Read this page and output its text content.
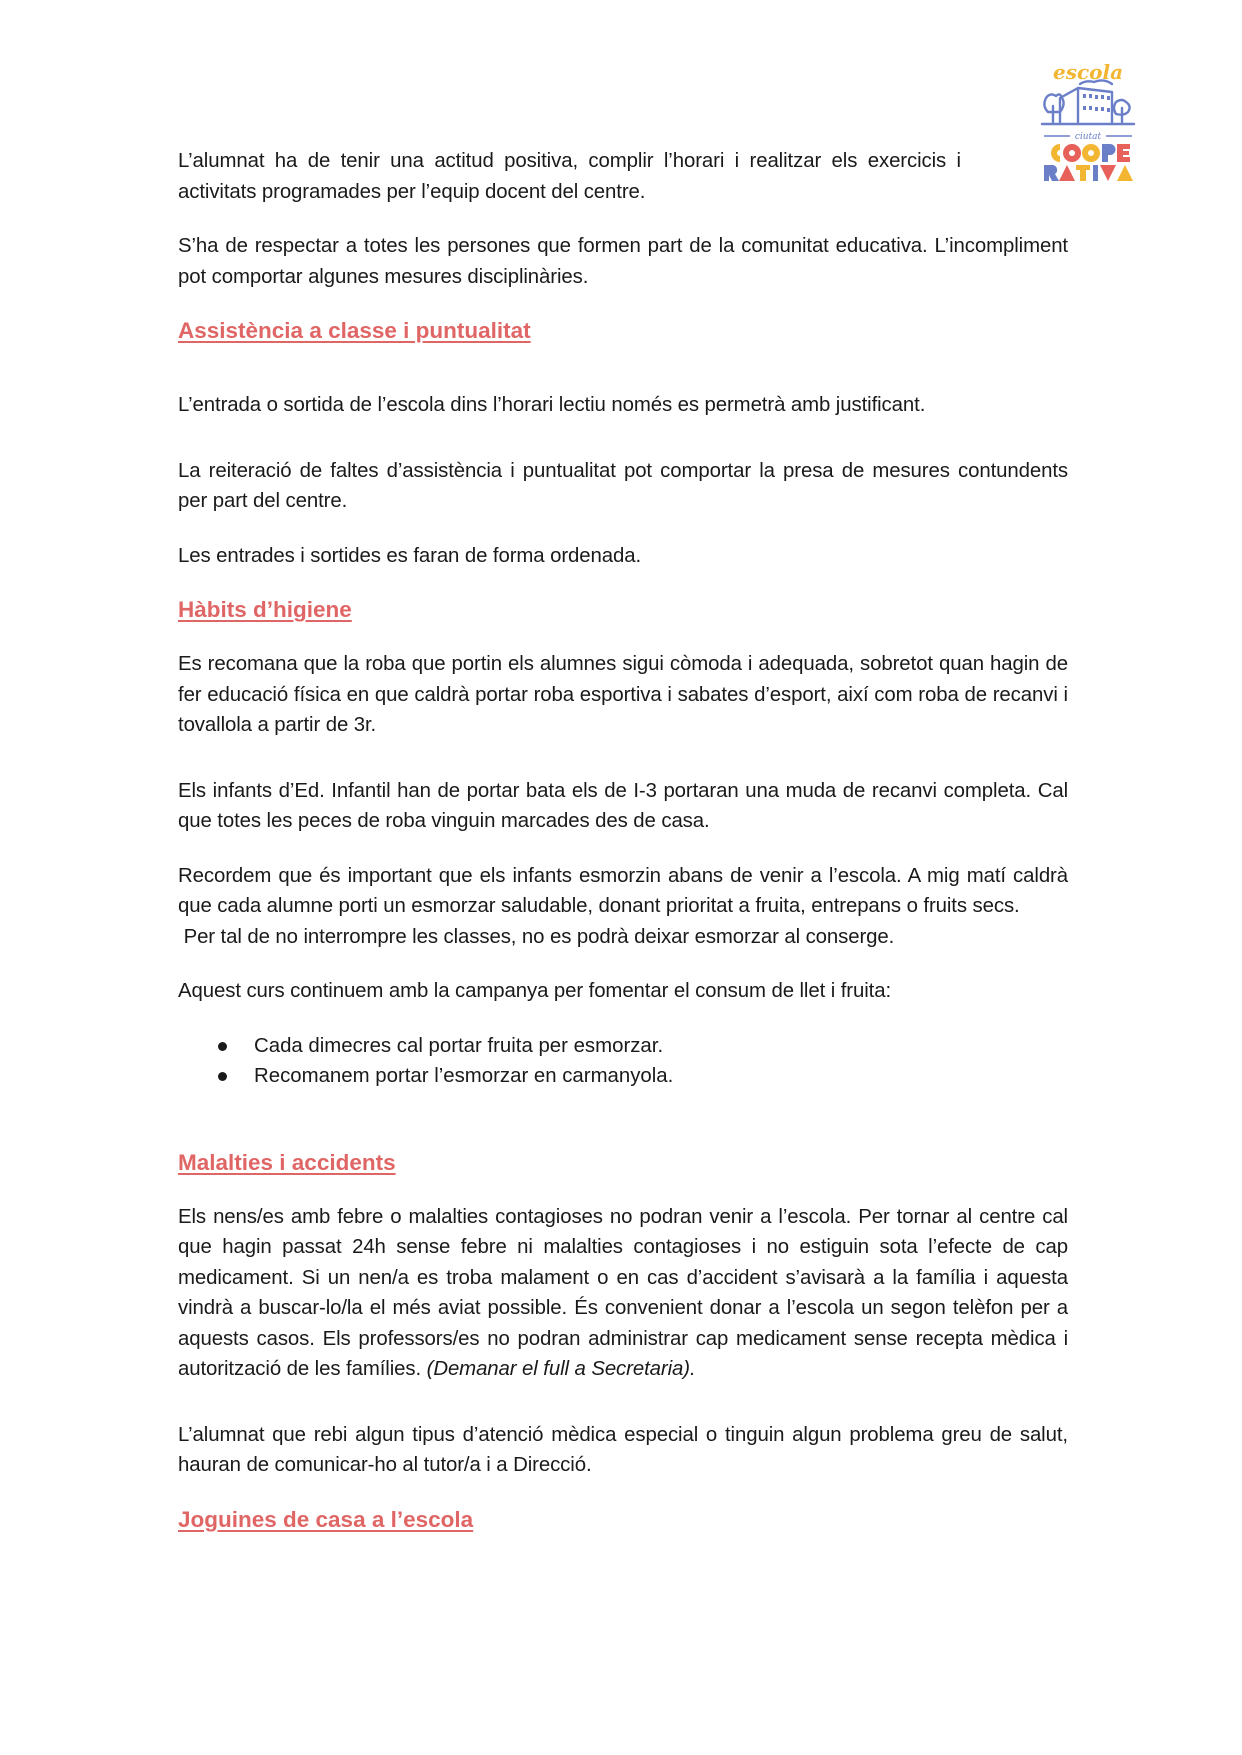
escola
ciutat

L’alumnat ha de tenir una actitud positiva, complir l’horari i realitzar els exercicis i activitats programades per l’equip docent del centre.

S’ha de respectar a totes les persones que formen part de la comunitat educativa. L’incompliment pot comportar algunes mesures disciplinàries.

Assistència a classe i puntualitat

L’entrada o sortida de l’escola dins l’horari lectiu només es permetrà amb justificant.

La reiteració de faltes d’assistència i puntualitat pot comportar la presa de mesures contundents per part del centre.

Les entrades i sortides es faran de forma ordenada.

Hàbits d’higiene

Es recomana que la roba que portin els alumnes sigui còmoda i adequada, sobretot quan hagin de fer educació física en que caldrà portar roba esportiva i sabates d’esport, així com roba de recanvi i tovallola a partir de 3r.

Els infants d’Ed. Infantil han de portar bata els de I-3 portaran una muda de recanvi completa. Cal que totes les peces de roba vinguin marcades des de casa.

Recordem que és important que els infants esmorzin abans de venir a l’escola. A mig matí caldrà que cada alumne porti un esmorzar saludable, donant prioritat a fruita, entrepans o fruits secs.

Per tal de no interrompre les classes, no es podrà deixar esmorzar al conserge.

Aquest curs continuem amb la campanya per fomentar el consum de llet i fruita:

Cada dimecres cal portar fruita per esmorzar.
Recomanem portar l’esmorzar en carmanyola.
Malalties i accidents

Els nens/es amb febre o malalties contagioses no podran venir a l’escola. Per tornar al centre cal que hagin passat 24h sense febre ni malalties contagioses i no estiguin sota l’efecte de cap medicament. Si un nen/a es troba malament o en cas d’accident s’avisarà a la família i aquesta vindrà a buscar-lo/la el més aviat possible. És convenient donar a l’escola un segon telèfon per a aquests casos. Els professors/es no podran administrar cap medicament sense recepta mèdica i autorització de les famílies. (Demanar el full a Secretaria).

L’alumnat que rebi algun tipus d’atenció mèdica especial o tinguin algun problema greu de salut, hauran de comunicar-ho al tutor/a i a Direcció.

Joguines de casa a l’escola
